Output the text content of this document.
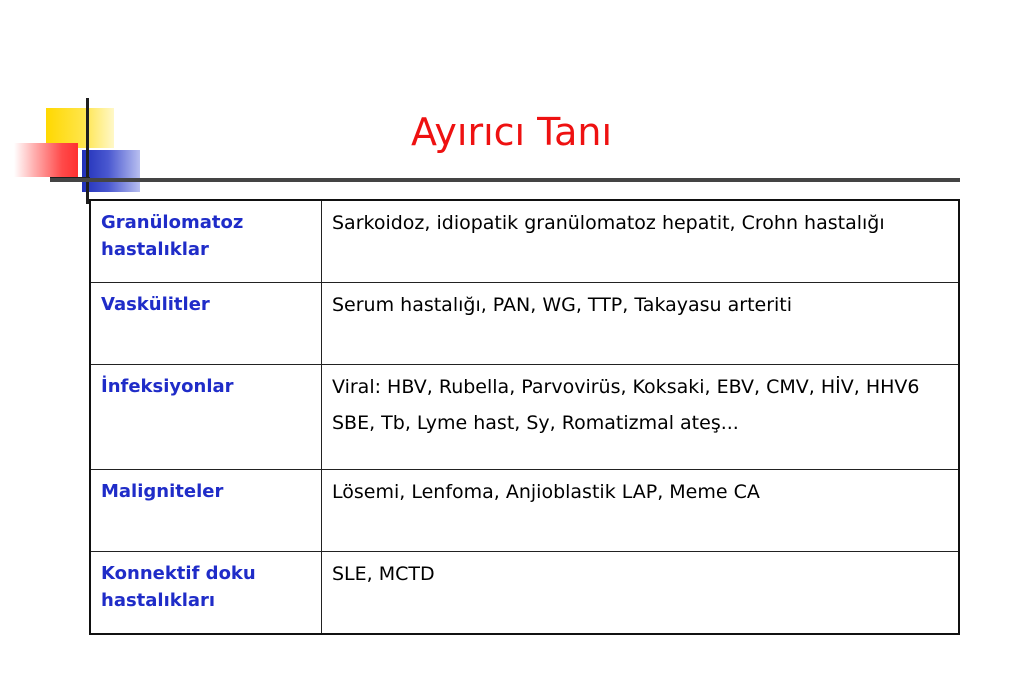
Ayırıcı Tanı
Granülomatoz hastalıklar	Sarkoidoz, idiopatik granülomatoz hepatit, Crohn hastalığı

Vaskülitler	Serum hastalığı, PAN, WG, TTP, Takayasu arteriti

İnfeksiyonlar	Viral: HBV, Rubella, Parvovirüs, Koksaki, EBV, CMV, HİV, HHV6
SBE, Tb, Lyme hast, Sy, Romatizmal ateş...

Maligniteler	Lösemi, Lenfoma, Anjioblastik LAP, Meme CA

Konnektif doku hastalıkları	SLE, MCTD
